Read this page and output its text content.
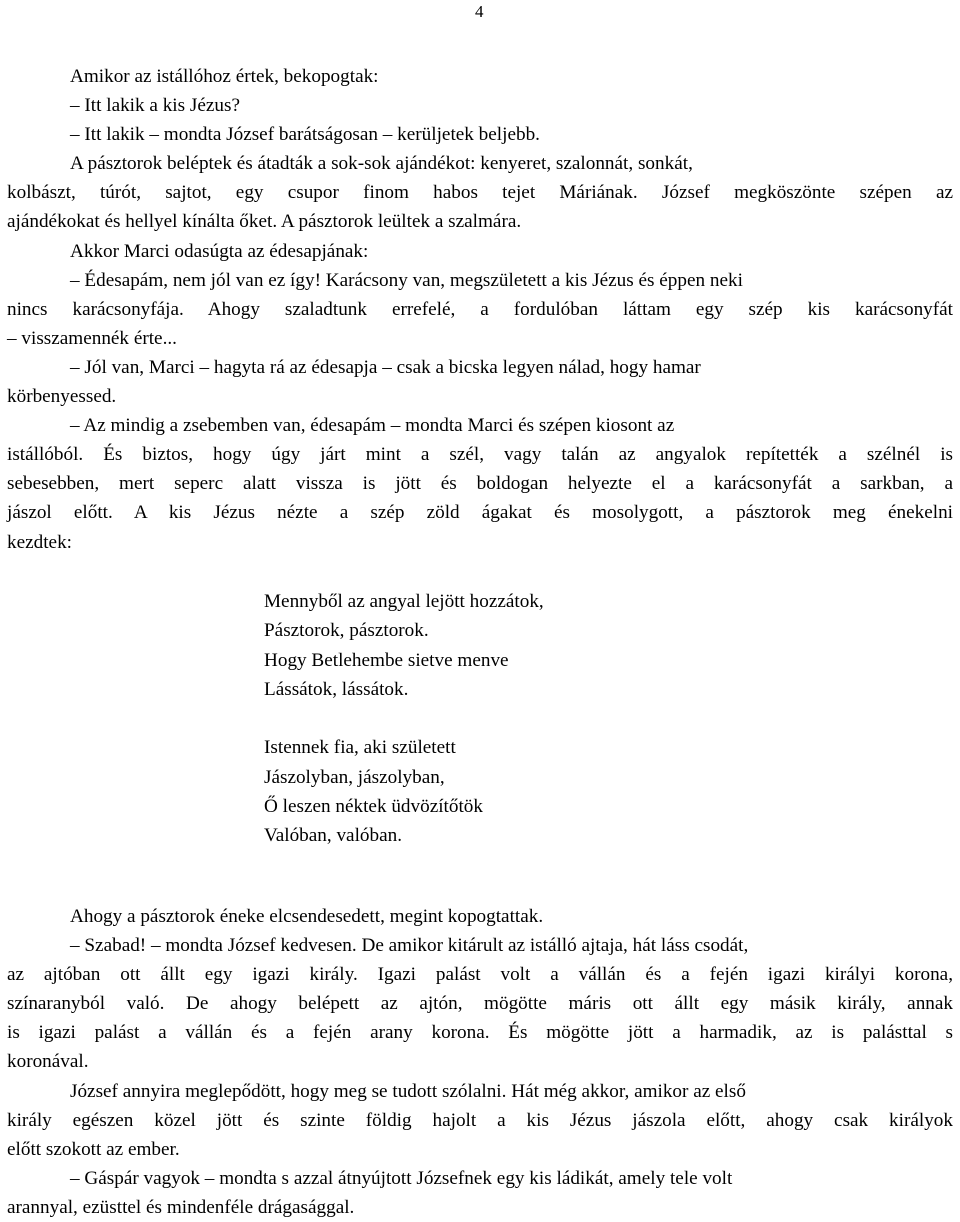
4
Amikor az istállóhoz értek, bekopogtak:
– Itt lakik a kis Jézus?
– Itt lakik – mondta József barátságosan – kerüljetek beljebb.
A pásztorok beléptek és átadták a sok-sok ajándékot: kenyeret, szalonnát, sonkát,
kolbászt, túrót, sajtot, egy csupor finom habos tejet Máriának. József megköszönte szépen az
ajándékokat és hellyel kínálta őket. A pásztorok leültek a szalmára.
Akkor Marci odasúgta az édesapjának:
– Édesapám, nem jól van ez így! Karácsony van, megszületett a kis Jézus és éppen neki
nincs karácsonyfája. Ahogy szaladtunk errefelé, a fordulóban láttam egy szép kis karácsonyfát
– visszamennék érte...
– Jól van, Marci – hagyta rá az édesapja – csak a bicska legyen nálad, hogy hamar
körbenyessed.
– Az mindig a zsebemben van, édesapám – mondta Marci és szépen kiosont az
istállóból. És biztos, hogy úgy járt mint a szél, vagy talán az angyalok repítették a szélnél is
sebesebben, mert seperc alatt vissza is jött és boldogan helyezte el a karácsonyfát a sarkban, a
jászol előtt. A kis Jézus nézte a szép zöld ágakat és mosolygott, a pásztorok meg énekelni
kezdtek:
Mennyből az angyal lejött hozzátok,
Pásztorok, pásztorok.
Hogy Betlehembe sietve menve
Lássátok, lássátok.
Istennek fia, aki született
Jászolyban, jászolyban,
Ő leszen néktek üdvözítőtök
Valóban, valóban.
Ahogy a pásztorok éneke elcsendesedett, megint kopogtattak.
– Szabad! – mondta József kedvesen. De amikor kitárult az istálló ajtaja, hát láss csodát,
az ajtóban ott állt egy igazi király. Igazi palást volt a vállán és a fején igazi királyi korona,
színaranyból való. De ahogy belépett az ajtón, mögötte máris ott állt egy másik király, annak
is igazi palást a vállán és a fején arany korona. És mögötte jött a harmadik, az is palásttal s
koronával.
József annyira meglepődött, hogy meg se tudott szólalni. Hát még akkor, amikor az első
király egészen közel jött és szinte földig hajolt a kis Jézus jászola előtt, ahogy csak királyok
előtt szokott az ember.
– Gáspár vagyok – mondta s azzal átnyújtott Józsefnek egy kis ládikát, amely tele volt
arannyal, ezüsttel és mindenféle drágasággal.
